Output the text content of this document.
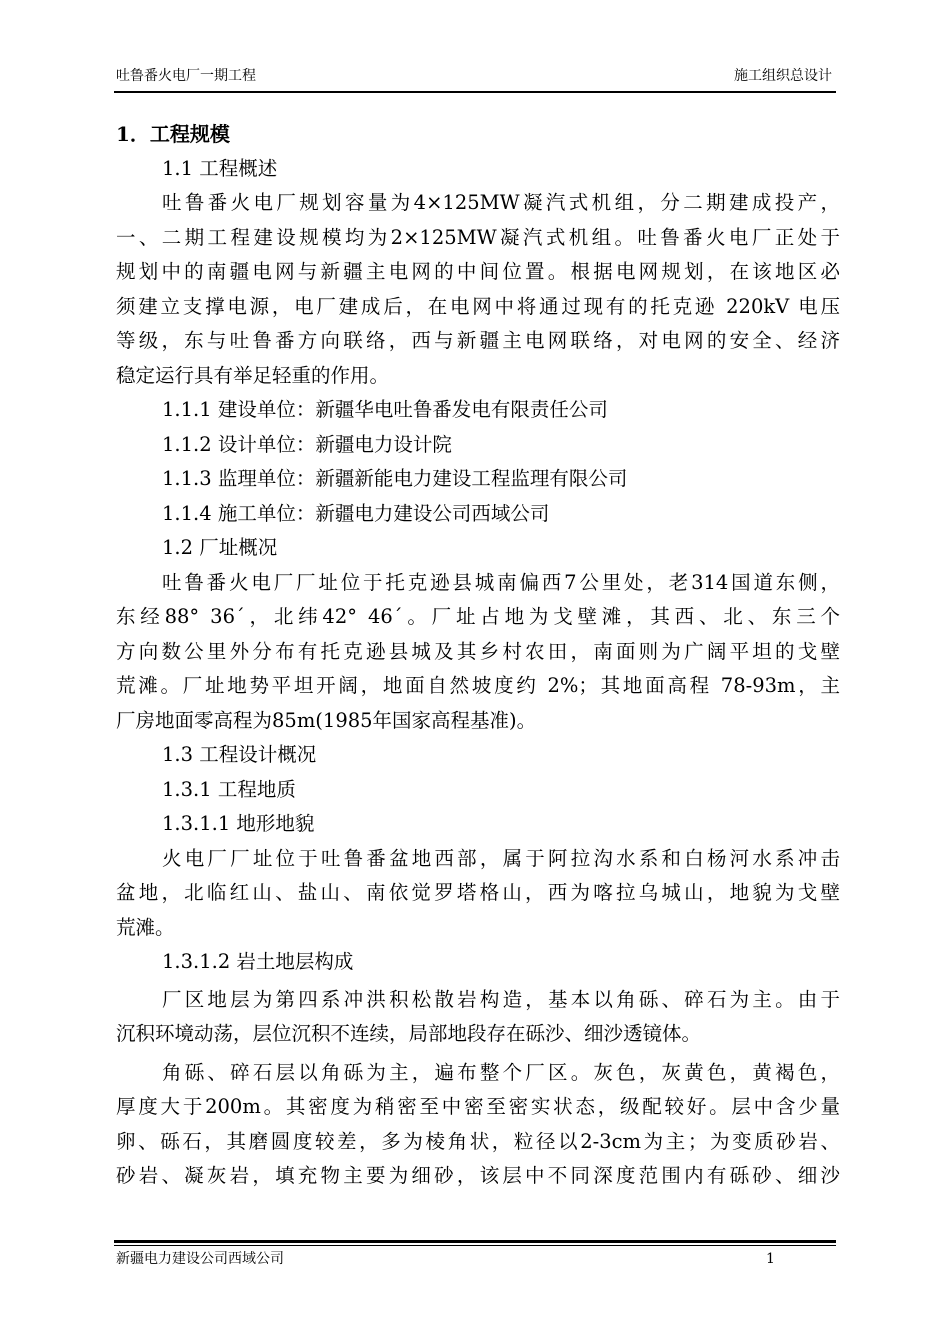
吐鲁番火电厂一期工程	施工组织总设计
1．工程规模
1.1 工程概述
吐鲁番火电厂规划容量为4×125MW凝汽式机组，分二期建成投产，
一、二期工程建设规模均为2×125MW凝汽式机组。吐鲁番火电厂正处于
规划中的南疆电网与新疆主电网的中间位置。根据电网规划，在该地区必
须建立支撑电源，电厂建成后，在电网中将通过现有的托克逊 220kV 电压
等级，东与吐鲁番方向联络，西与新疆主电网联络，对电网的安全、经济
稳定运行具有举足轻重的作用。
1.1.1 建设单位：新疆华电吐鲁番发电有限责任公司
1.1.2 设计单位：新疆电力设计院
1.1.3 监理单位：新疆新能电力建设工程监理有限公司
1.1.4 施工单位：新疆电力建设公司西域公司
1.2 厂址概况
吐鲁番火电厂厂址位于托克逊县城南偏西7公里处，老314国道东侧，
东经88° 36´，北纬42° 46´。厂址占地为戈壁滩，其西、北、东三个
方向数公里外分布有托克逊县城及其乡村农田，南面则为广阔平坦的戈壁
荒滩。厂址地势平坦开阔，地面自然坡度约 2%；其地面高程 78-93m，主
厂房地面零高程为85m(1985年国家高程基准)。
1.3 工程设计概况
1.3.1 工程地质
1.3.1.1 地形地貌
火电厂厂址位于吐鲁番盆地西部，属于阿拉沟水系和白杨河水系冲击
盆地，北临红山、盐山、南依觉罗塔格山，西为喀拉乌城山，地貌为戈壁
荒滩。
1.3.1.2 岩土地层构成
厂区地层为第四系冲洪积松散岩构造，基本以角砾、碎石为主。由于
沉积环境动荡，层位沉积不连续，局部地段存在砾沙、细沙透镜体。
角砾、碎石层以角砾为主，遍布整个厂区。灰色，灰黄色，黄褐色，
厚度大于200m。其密度为稍密至中密至密实状态，级配较好。层中含少量
卵、砾石，其磨圆度较差，多为棱角状，粒径以2-3cm为主；为变质砂岩、
砂岩、凝灰岩，填充物主要为细砂，该层中不同深度范围内有砾砂、细沙
新疆电力建设公司西域公司	1
